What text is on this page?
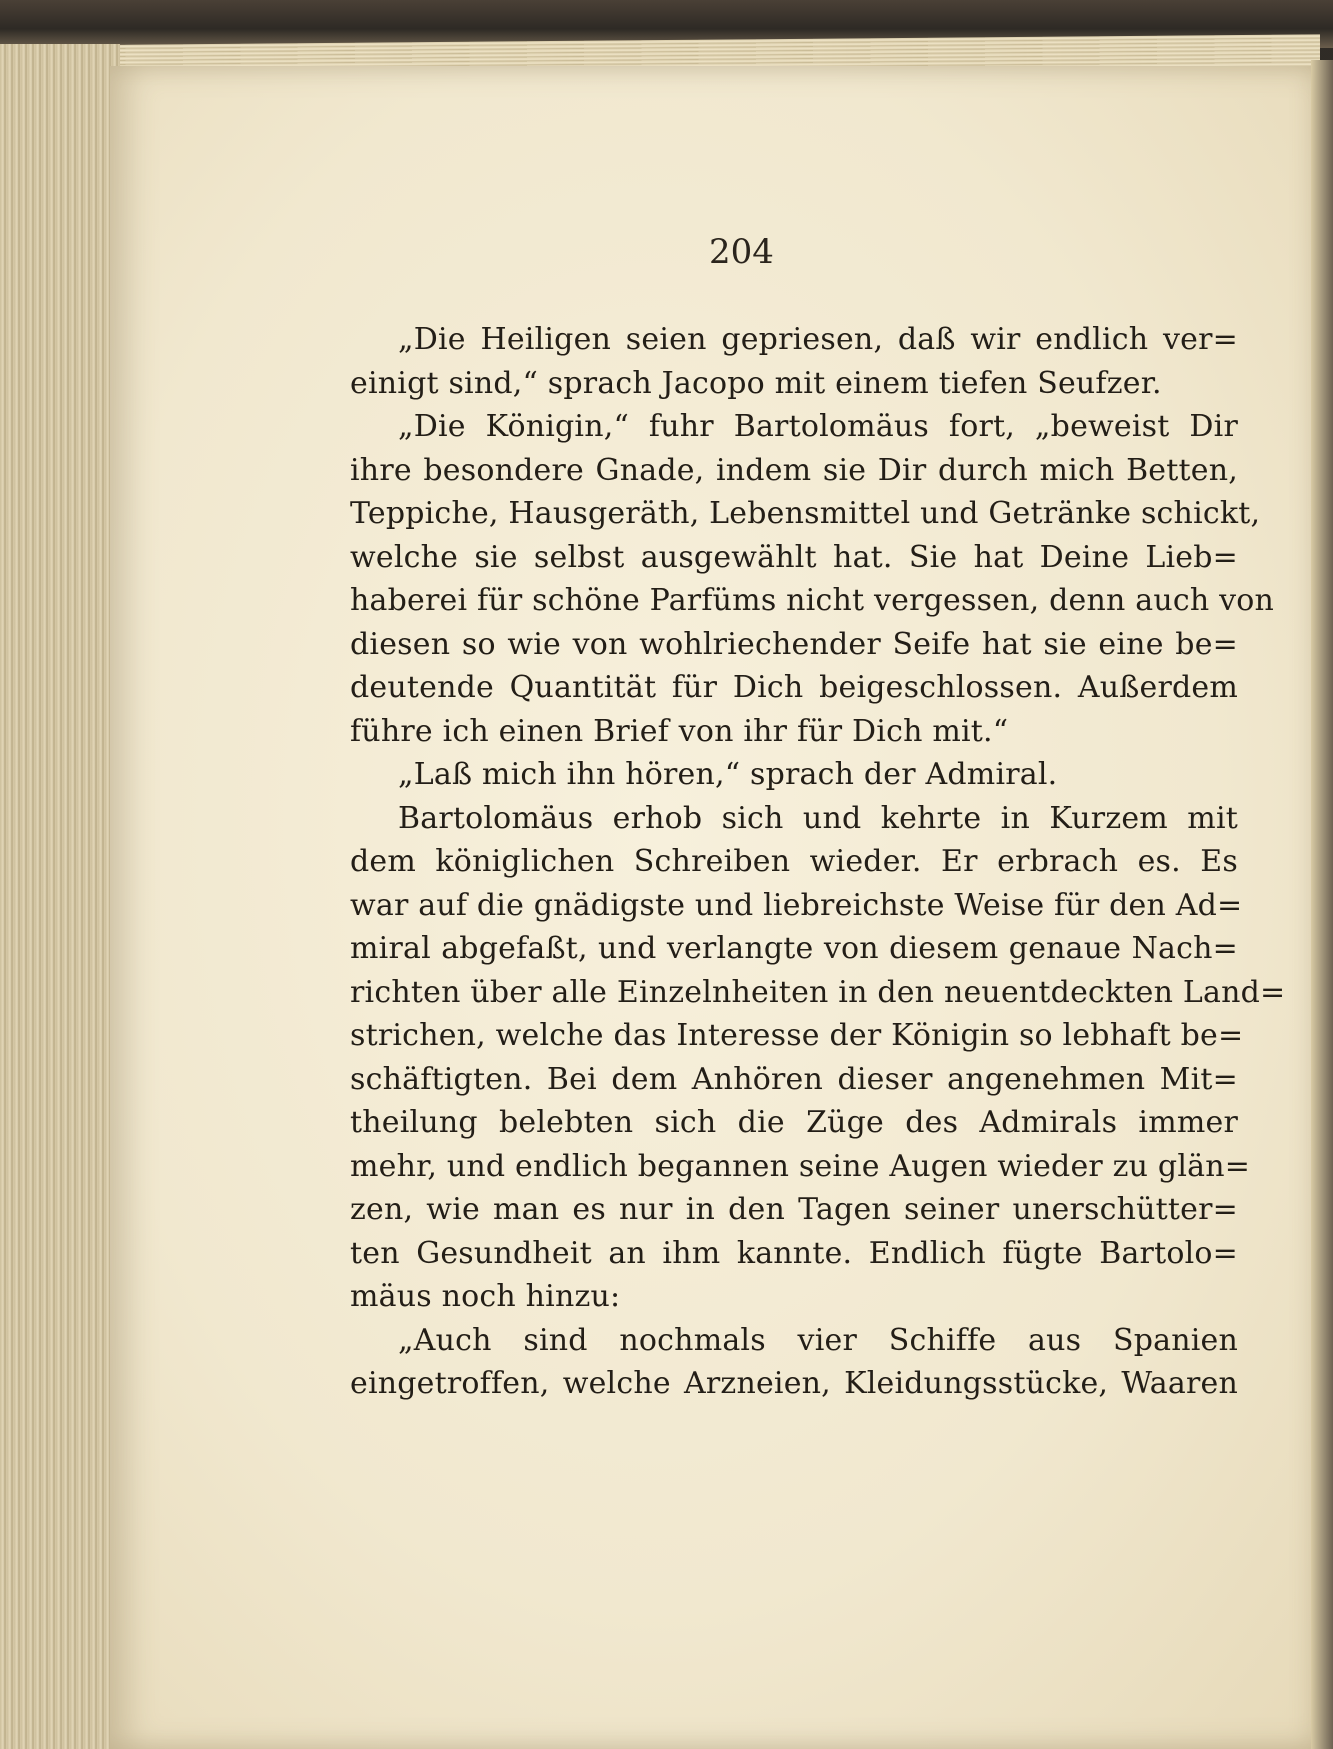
204
„Die Heiligen seien gepriesen, daß wir endlich ver=
einigt sind,“ sprach Jacopo mit einem tiefen Seufzer.
„Die Königin,“ fuhr Bartolomäus fort, „beweist Dir
ihre besondere Gnade, indem sie Dir durch mich Betten,
Teppiche, Hausgeräth, Lebensmittel und Getränke schickt,
welche sie selbst ausgewählt hat. Sie hat Deine Lieb=
haberei für schöne Parfüms nicht vergessen, denn auch von
diesen so wie von wohlriechender Seife hat sie eine be=
deutende Quantität für Dich beigeschlossen. Außerdem
führe ich einen Brief von ihr für Dich mit.“
„Laß mich ihn hören,“ sprach der Admiral.
Bartolomäus erhob sich und kehrte in Kurzem mit
dem königlichen Schreiben wieder. Er erbrach es. Es
war auf die gnädigste und liebreichste Weise für den Ad=
miral abgefaßt, und verlangte von diesem genaue Nach=
richten über alle Einzelnheiten in den neuentdeckten Land=
strichen, welche das Interesse der Königin so lebhaft be=
schäftigten. Bei dem Anhören dieser angenehmen Mit=
theilung belebten sich die Züge des Admirals immer
mehr, und endlich begannen seine Augen wieder zu glän=
zen, wie man es nur in den Tagen seiner unerschütter=
ten Gesundheit an ihm kannte. Endlich fügte Bartolo=
mäus noch hinzu:
„Auch sind nochmals vier Schiffe aus Spanien
eingetroffen, welche Arzneien, Kleidungsstücke, Waaren
